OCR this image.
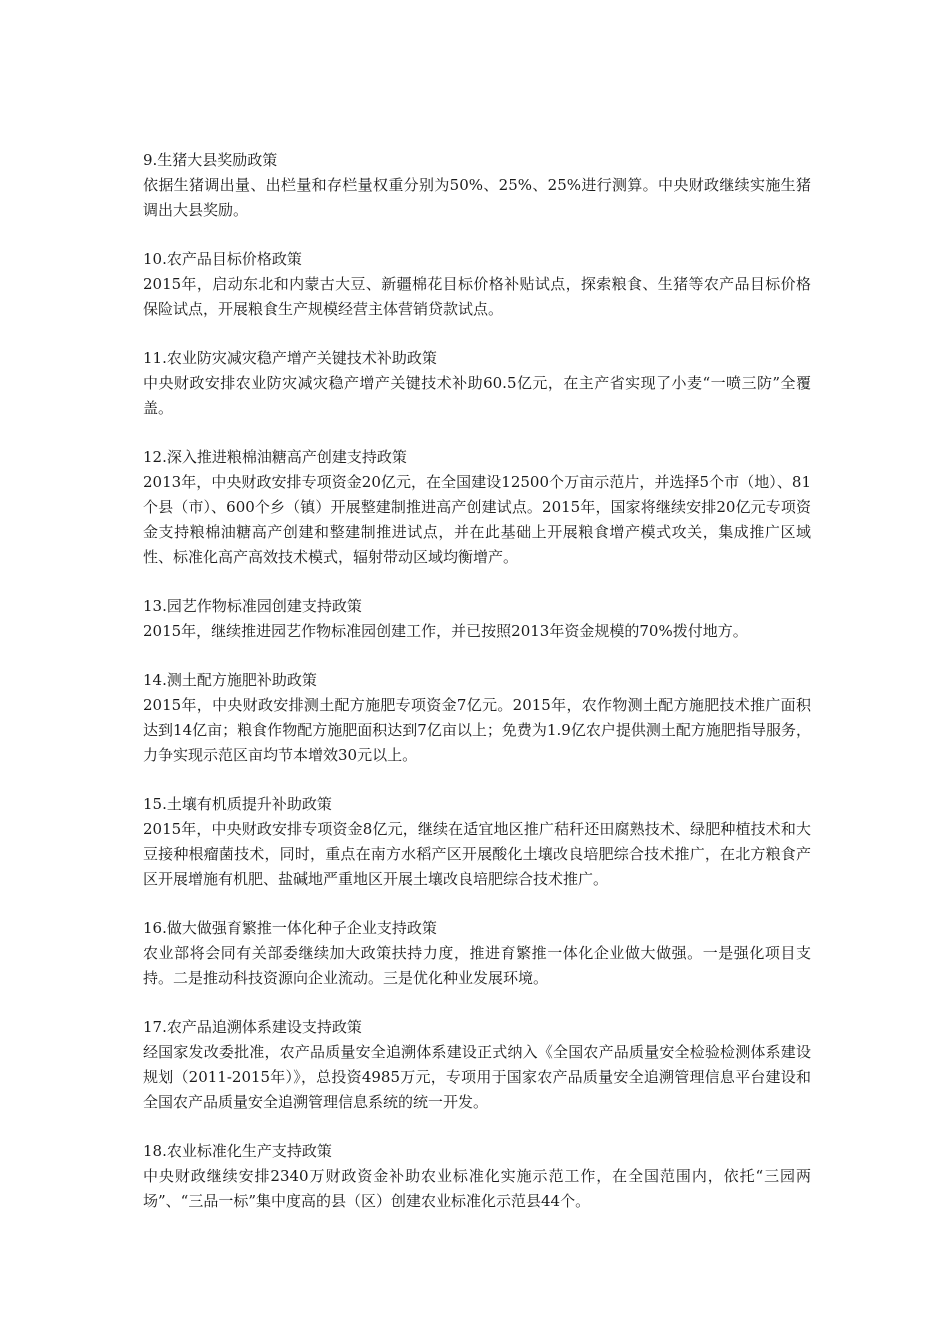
9.生猪大县奖励政策

依据生猪调出量、出栏量和存栏量权重分别为50%、25%、25%进行测算。中央财政继续实施生猪调出大县奖励。

10.农产品目标价格政策

2015年，启动东北和内蒙古大豆、新疆棉花目标价格补贴试点，探索粮食、生猪等农产品目标价格保险试点，开展粮食生产规模经营主体营销贷款试点。

11.农业防灾减灾稳产增产关键技术补助政策

中央财政安排农业防灾减灾稳产增产关键技术补助60.5亿元，在主产省实现了小麦“一喷三防”全覆盖。

12.深入推进粮棉油糖高产创建支持政策

2013年，中央财政安排专项资金20亿元，在全国建设12500个万亩示范片，并选择5个市（地）、81个县（市）、600个乡（镇）开展整建制推进高产创建试点。2015年，国家将继续安排20亿元专项资金支持粮棉油糖高产创建和整建制推进试点，并在此基础上开展粮食增产模式攻关，集成推广区域性、标准化高产高效技术模式，辐射带动区域均衡增产。

13.园艺作物标准园创建支持政策

2015年，继续推进园艺作物标准园创建工作，并已按照2013年资金规模的70%拨付地方。

14.测土配方施肥补助政策

2015年，中央财政安排测土配方施肥专项资金7亿元。2015年，农作物测土配方施肥技术推广面积达到14亿亩；粮食作物配方施肥面积达到7亿亩以上；免费为1.9亿农户提供测土配方施肥指导服务，力争实现示范区亩均节本增效30元以上。

15.土壤有机质提升补助政策

2015年，中央财政安排专项资金8亿元，继续在适宜地区推广秸秆还田腐熟技术、绿肥种植技术和大豆接种根瘤菌技术，同时，重点在南方水稻产区开展酸化土壤改良培肥综合技术推广，在北方粮食产区开展增施有机肥、盐碱地严重地区开展土壤改良培肥综合技术推广。

16.做大做强育繁推一体化种子企业支持政策

农业部将会同有关部委继续加大政策扶持力度，推进育繁推一体化企业做大做强。一是强化项目支持。二是推动科技资源向企业流动。三是优化种业发展环境。

17.农产品追溯体系建设支持政策

经国家发改委批准，农产品质量安全追溯体系建设正式纳入《全国农产品质量安全检验检测体系建设规划（2011-2015年）》，总投资4985万元，专项用于国家农产品质量安全追溯管理信息平台建设和全国农产品质量安全追溯管理信息系统的统一开发。

18.农业标准化生产支持政策

中央财政继续安排2340万财政资金补助农业标准化实施示范工作，在全国范围内，依托“三园两场”、“三品一标”集中度高的县（区）创建农业标准化示范县44个。
